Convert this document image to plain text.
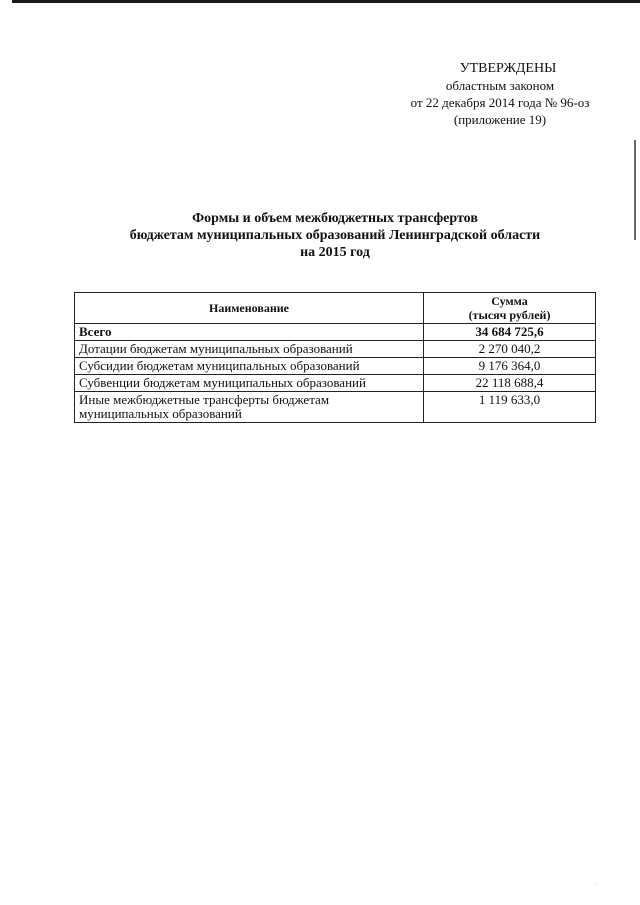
УТВЕРЖДЕНЫ
областным законом
от 22 декабря 2014 года № 96-оз
(приложение 19)
Формы и объем межбюджетных трансфертов
бюджетам муниципальных образований Ленинградской области
на 2015 год
Наименование	Сумма
(тысяч рублей)

Всего	34 684 725,6
Дотации бюджетам муниципальных образований	2 270 040,2
Субсидии бюджетам муниципальных образований	9 176 364,0
Субвенции бюджетам муниципальных образований	22 118 688,4
Иные межбюджетные трансферты бюджетам муниципальных образований	1 119 633,0
·
